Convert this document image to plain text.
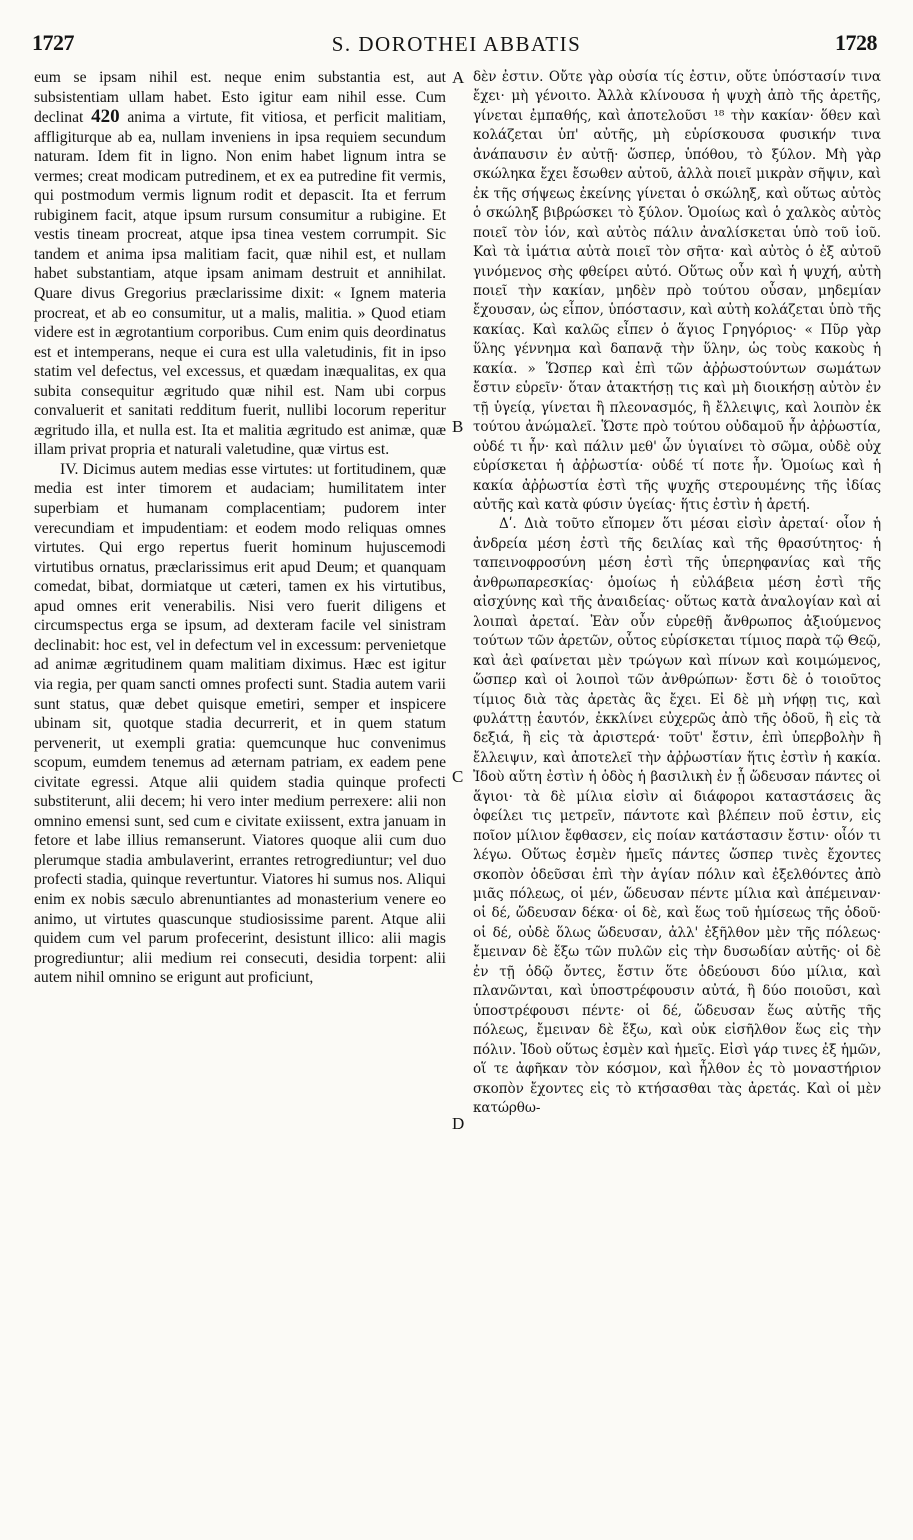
1727	S. DOROTHEI ABBATIS	1728

eum se ipsam nihil est. neque enim substantia est, aut subsistentiam ullam habet. Esto igitur eam nihil esse. Cum declinat 420 anima a virtute, fit vitiosa, et perficit malitiam, affligiturque ab ea, nullam inveniens in ipsa requiem secundum naturam. Idem fit in ligno. Non enim habet lignum intra se vermes; creat modicam putredinem, et ex ea putredine fit vermis, qui postmodum vermis lignum rodit et depascit. Ita et ferrum rubiginem facit, atque ipsum rursum consumitur a rubigine. Et vestis tineam procreat, atque ipsa tinea vestem corrumpit. Sic tandem et anima ipsa malitiam facit, quæ nihil est, et nullam habet substantiam, atque ipsam animam destruit et annihilat. Quare divus Gregorius præclarissime dixit: « Ignem materia procreat, et ab eo consumitur, ut a malis, malitia. » Quod etiam videre est in ægrotantium corporibus. Cum enim quis deordinatus est et intemperans, neque ei cura est ulla valetudinis, fit in ipso statim vel defectus, vel excessus, et quædam inæqualitas, ex qua subita consequitur ægritudo quæ nihil est. Nam ubi corpus convaluerit et sanitati redditum fuerit, nullibi locorum reperitur ægritudo illa, et nulla est. Ita et malitia ægritudo est animæ, quæ illam privat propria et naturali valetudine, quæ virtus est.

IV. Dicimus autem medias esse virtutes: ut fortitudinem, quæ media est inter timorem et audaciam; humilitatem inter superbiam et humanam complacentiam; pudorem inter verecundiam et impudentiam: et eodem modo reliquas omnes virtutes. Qui ergo repertus fuerit hominum hujuscemodi virtutibus ornatus, præclarissimus erit apud Deum; et quanquam comedat, bibat, dormiatque ut cæteri, tamen ex his virtutibus, apud omnes erit venerabilis. Nisi vero fuerit diligens et circumspectus erga se ipsum, ad dexteram facile vel sinistram declinabit: hoc est, vel in defectum vel in excessum: pervenietque ad animæ ægritudinem quam malitiam diximus. Hæc est igitur via regia, per quam sancti omnes profecti sunt. Stadia autem varii sunt status, quæ debet quisque emetiri, semper et inspicere ubinam sit, quotque stadia decurrerit, et in quem statum pervenerit, ut exempli gratia: quemcunque huc convenimus scopum, eumdem tenemus ad æternam patriam, ex eadem pene civitate egressi. Atque alii quidem stadia quinque profecti substiterunt, alii decem; hi vero inter medium perrexere: alii non omnino emensi sunt, sed cum e civitate exiissent, extra januam in fetore et labe illius remanserunt. Viatores quoque alii cum duo plerumque stadia ambulaverint, errantes retrogrediuntur; vel duo profecti stadia, quinque revertuntur. Viatores hi sumus nos. Aliqui enim ex nobis sæculo abrenuntiantes ad monasterium venere eo animo, ut virtutes quascunque studiosissime parent. Atque alii quidem cum vel parum profecerint, desistunt illico: alii magis progrediuntur; alii medium rei consecuti, desidia torpent: alii autem nihil omnino se erigunt aut proficiunt,

A
B
C
D

δὲν ἐστιν. Οὔτε γὰρ οὐσία τίς ἐστιν, οὔτε ὑπόστασίν τινα ἔχει· μὴ γένοιτο. Ἀλλὰ κλίνουσα ἡ ψυχὴ ἀπὸ τῆς ἀρετῆς, γίνεται ἐμπαθής, καὶ ἀποτελοῦσι ¹⁸ τὴν κακίαν· ὅθεν καὶ κολάζεται ὑπ' αὐτῆς, μὴ εὑρίσκουσα φυσικήν τινα ἀνάπαυσιν ἐν αὐτῇ· ὥσπερ, ὑπόθου, τὸ ξύλον. Μὴ γὰρ σκώληκα ἔχει ἔσωθεν αὐτοῦ, ἀλλὰ ποιεῖ μικρὰν σῆψιν, καὶ ἐκ τῆς σήψεως ἐκείνης γίνεται ὁ σκώληξ, καὶ οὕτως αὐτὸς ὁ σκώληξ βιβρώσκει τὸ ξύλον. Ὁμοίως καὶ ὁ χαλκὸς αὐτὸς ποιεῖ τὸν ἰόν, καὶ αὐτὸς πάλιν ἀναλίσκεται ὑπὸ τοῦ ἰοῦ. Καὶ τὰ ἱμάτια αὐτὰ ποιεῖ τὸν σῆτα· καὶ αὐτὸς ὁ ἐξ αὐτοῦ γινόμενος σὴς φθείρει αὐτό. Οὕτως οὖν καὶ ἡ ψυχή, αὐτὴ ποιεῖ τὴν κακίαν, μηδὲν πρὸ τούτου οὖσαν, μηδεμίαν ἔχουσαν, ὡς εἶπον, ὑπόστασιν, καὶ αὐτὴ κολάζεται ὑπὸ τῆς κακίας. Καὶ καλῶς εἶπεν ὁ ἅγιος Γρηγόριος· « Πῦρ γὰρ ὕλης γέννημα καὶ δαπανᾷ τὴν ὕλην, ὡς τοὺς κακοὺς ἡ κακία. » Ὥσπερ καὶ ἐπὶ τῶν ἀῤῥωστούντων σωμάτων ἔστιν εὑρεῖν· ὅταν ἀτακτήσῃ τις καὶ μὴ διοικήσῃ αὐτὸν ἐν τῇ ὑγείᾳ, γίνεται ἢ πλεονασμός, ἢ ἔλλειψις, καὶ λοιπὸν ἐκ τούτου ἀνώμαλεῖ. Ὥστε πρὸ τούτου οὐδαμοῦ ἦν ἀῤῥωστία, οὐδέ τι ἦν· καὶ πάλιν μεθ' ὧν ὑγιαίνει τὸ σῶμα, οὐδὲ οὐχ εὑρίσκεται ἡ ἀῤῥωστία· οὐδέ τί ποτε ἦν. Ὁμοίως καὶ ἡ κακία ἀῤῥωστία ἐστὶ τῆς ψυχῆς στερουμένης τῆς ἰδίας αὐτῆς καὶ κατὰ φύσιν ὑγείας· ἥτις ἐστὶν ἡ ἀρετή.

Δʹ. Διὰ τοῦτο εἴπομεν ὅτι μέσαι εἰσὶν ἀρεταί· οἷον ἡ ἀνδρεία μέση ἐστὶ τῆς δειλίας καὶ τῆς θρασύτητος· ἡ ταπεινοφροσύνη μέση ἐστὶ τῆς ὑπερηφανίας καὶ τῆς ἀνθρωπαρεσκίας· ὁμοίως ἡ εὐλάβεια μέση ἐστὶ τῆς αἰσχύνης καὶ τῆς ἀναιδείας· οὕτως κατὰ ἀναλογίαν καὶ αἱ λοιπαὶ ἀρεταί. Ἐὰν οὖν εὑρεθῇ ἄνθρωπος ἀξιούμενος τούτων τῶν ἀρετῶν, οὗτος εὑρίσκεται τίμιος παρὰ τῷ Θεῷ, καὶ ἀεὶ φαίνεται μὲν τρώγων καὶ πίνων καὶ κοιμώμενος, ὥσπερ καὶ οἱ λοιποὶ τῶν ἀνθρώπων· ἔστι δὲ ὁ τοιοῦτος τίμιος διὰ τὰς ἀρετὰς ἃς ἔχει. Εἰ δὲ μὴ νήφῃ τις, καὶ φυλάττῃ ἑαυτόν, ἐκκλίνει εὐχερῶς ἀπὸ τῆς ὁδοῦ, ἢ εἰς τὰ δεξιά, ἢ εἰς τὰ ἀριστερά· τοῦτ' ἔστιν, ἐπὶ ὑπερβολὴν ἢ ἔλλειψιν, καὶ ἀποτελεῖ τὴν ἀῤῥωστίαν ἥτις ἐστὶν ἡ κακία. Ἰδοὺ αὕτη ἐστὶν ἡ ὁδὸς ἡ βασιλικὴ ἐν ᾗ ὥδευσαν πάντες οἱ ἅγιοι· τὰ δὲ μίλια εἰσὶν αἱ διάφοροι καταστάσεις ἃς ὀφείλει τις μετρεῖν, πάντοτε καὶ βλέπειν ποῦ ἐστιν, εἰς ποῖον μίλιον ἔφθασεν, εἰς ποίαν κατάστασιν ἔστιν· οἷόν τι λέγω. Οὕτως ἐσμὲν ἡμεῖς πάντες ὥσπερ τινὲς ἔχοντες σκοπὸν ὁδεῦσαι ἐπὶ τὴν ἁγίαν πόλιν καὶ ἐξελθόντες ἀπὸ μιᾶς πόλεως, οἱ μέν, ὥδευσαν πέντε μίλια καὶ ἀπέμειναν· οἱ δέ, ὥδευσαν δέκα· οἱ δὲ, καὶ ἕως τοῦ ἡμίσεως τῆς ὁδοῦ· οἱ δέ, οὐδὲ ὅλως ὥδευσαν, ἀλλ' ἐξῆλθον μὲν τῆς πόλεως· ἔμειναν δὲ ἔξω τῶν πυλῶν εἰς τὴν δυσωδίαν αὐτῆς· οἱ δὲ ἐν τῇ ὁδῷ ὄντες, ἔστιν ὅτε ὁδεύουσι δύο μίλια, καὶ πλανῶνται, καὶ ὑποστρέφουσιν αὐτά, ἢ δύο ποιοῦσι, καὶ ὑποστρέφουσι πέντε· οἱ δέ, ὥδευσαν ἕως αὐτῆς τῆς πόλεως, ἔμειναν δὲ ἔξω, καὶ οὐκ εἰσῆλθον ἕως εἰς τὴν πόλιν. Ἰδοὺ οὕτως ἐσμὲν καὶ ἡμεῖς. Εἰσὶ γάρ τινες ἐξ ἡμῶν, οἵ τε ἀφῆκαν τὸν κόσμον, καὶ ἦλθον ἐς τὸ μοναστήριον σκοπὸν ἔχοντες εἰς τὸ κτήσασθαι τὰς ἀρετάς. Καὶ οἱ μὲν κατώρθω-
